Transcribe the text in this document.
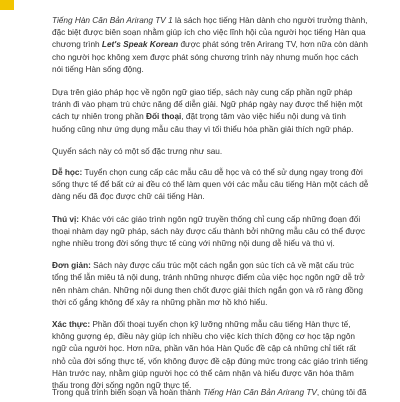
Tiếng Hàn Căn Bản Arirang TV 1 là sách học tiếng Hàn dành cho người trưởng thành, đặc biệt được biên soạn nhằm giúp ích cho việc lĩnh hội của người học tiếng Hàn qua chương trình Let's Speak Korean được phát sóng trên Arirang TV, hơn nữa còn dành cho người học không xem được phát sóng chương trình này nhưng muốn học cách nói tiếng Hàn sống động.

Dựa trên giáo pháp học về ngôn ngữ giao tiếp, sách này cung cấp phần ngữ pháp tránh đi vào phạm trù chức năng để diễn giải. Ngữ pháp ngày nay được thể hiện một cách tự nhiên trong phần Đối thoại, đặt trọng tâm vào việc hiểu nội dung và tình huống cũng như ứng dụng mẫu câu thay vì tối thiểu hóa phần giải thích ngữ pháp.

Quyển sách này có một số đặc trưng như sau.

Dễ học: Tuyển chọn cung cấp các mẫu câu dễ học và có thể sử dụng ngay trong đời sống thực tế để bất cứ ai đều có thể làm quen với các mẫu câu tiếng Hàn một cách dễ dàng nếu đã đọc được chữ cái tiếng Hàn.

Thú vị: Khác với các giáo trình ngôn ngữ truyền thống chỉ cung cấp những đoạn đối thoại nhàm dạy ngữ pháp, sách này được cấu thành bởi những mẫu câu có thể được nghe nhiều trong đời sống thực tế cùng với những nội dung dễ hiểu và thú vị.

Đơn giản: Sách này được cấu trúc một cách ngắn gọn súc tích cả về mặt cấu trúc tổng thể lẫn miêu tả nội dung, tránh những nhược điểm của việc học ngôn ngữ dễ trở nên nhàm chán. Những nội dung then chốt được giải thích ngắn gọn và rõ ràng đồng thời cố gắng không để xảy ra những phần mơ hồ khó hiểu.

Xác thực: Phần đối thoại tuyển chọn kỹ lưỡng những mẫu câu tiếng Hàn thực tế, không gượng ép, điều này giúp ích nhiều cho việc kích thích động cơ học tập ngôn ngữ của người học. Hơn nữa, phần văn hóa Hàn Quốc đề cập cả những chỉ tiết rất nhỏ của đời sống thực tế, vốn không được đề cập đúng mức trong các giáo trình tiếng Hàn trước nay, nhằm giúp người học có thể cảm nhận và hiểu được văn hóa thâm thấu trong đời sống ngôn ngữ thực tế.

Trong quá trình biên soạn và hoàn thành Tiếng Hàn Căn Bản Arirang TV, chúng tôi đã
